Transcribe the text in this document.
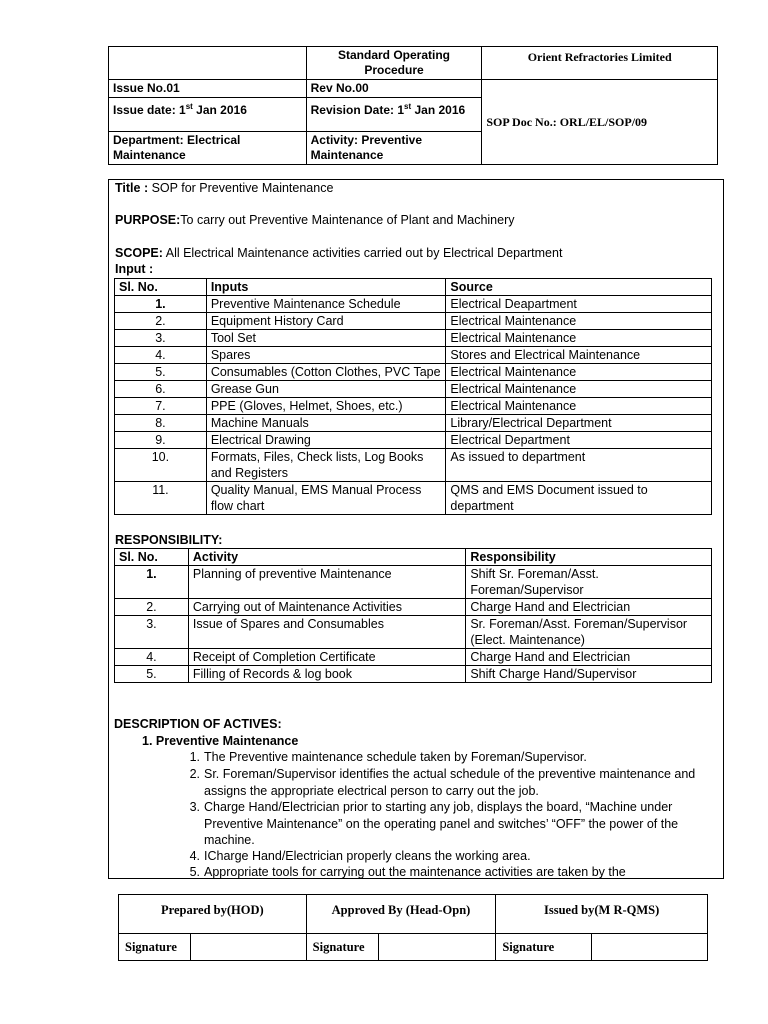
	Standard Operating Procedure	Orient Refractories Limited
Issue No.01	Rev No.00	SOP Doc No.: ORL/EL/SOP/09
Issue date: 1st Jan 2016	Revision Date: 1st Jan 2016	
Department: Electrical Maintenance	Activity: Preventive Maintenance	
Title : SOP for Preventive Maintenance
PURPOSE:To carry out Preventive Maintenance of Plant and Machinery
SCOPE: All Electrical Maintenance activities carried out by Electrical Department
Input :
RESPONSIBILITY:
Sl. No.	Inputs	Source
1.	Preventive Maintenance Schedule	Electrical Deapartment
2.	Equipment History Card	Electrical Maintenance
3.	Tool Set	Electrical Maintenance
4.	Spares	Stores and Electrical Maintenance
5.	Consumables (Cotton Clothes, PVC Tape	Electrical Maintenance
6.	Grease Gun	Electrical Maintenance
7.	PPE (Gloves, Helmet, Shoes, etc.)	Electrical Maintenance
8.	Machine Manuals	Library/Electrical Department
9.	Electrical Drawing	Electrical Department
10.	Formats, Files, Check lists, Log Books and Registers	As issued to department
11.	Quality Manual, EMS Manual Process flow chart	QMS and EMS Document issued to department
Sl. No.	Activity	Responsibility
1.	Planning of preventive Maintenance	Shift Sr. Foreman/Asst. Foreman/Supervisor
2.	Carrying out of Maintenance Activities	Charge Hand and Electrician
3.	Issue of Spares and Consumables	Sr. Foreman/Asst. Foreman/Supervisor (Elect. Maintenance)
4.	Receipt of Completion Certificate	Charge Hand and Electrician
5.	Filling of Records & log book	Shift Charge Hand/Supervisor
DESCRIPTION OF ACTIVES:
1. Preventive Maintenance
1. The Preventive maintenance schedule taken by Foreman/Supervisor.
2. Sr. Foreman/Supervisor identifies the actual schedule of the preventive maintenance and assigns the appropriate electrical person to carry out the job.
3. Charge Hand/Electrician prior to starting any job, displays the board, “Machine under Preventive Maintenance” on the operating panel and switches’ “OFF” the power of the machine.
4. ICharge Hand/Electrician properly cleans the working area.
5. Appropriate tools for carrying out the maintenance activities are taken by the
Prepared by(HOD)		Approved By (Head-Opn)		Issued by(M R-QMS)	
Signature		Signature		Signature	
